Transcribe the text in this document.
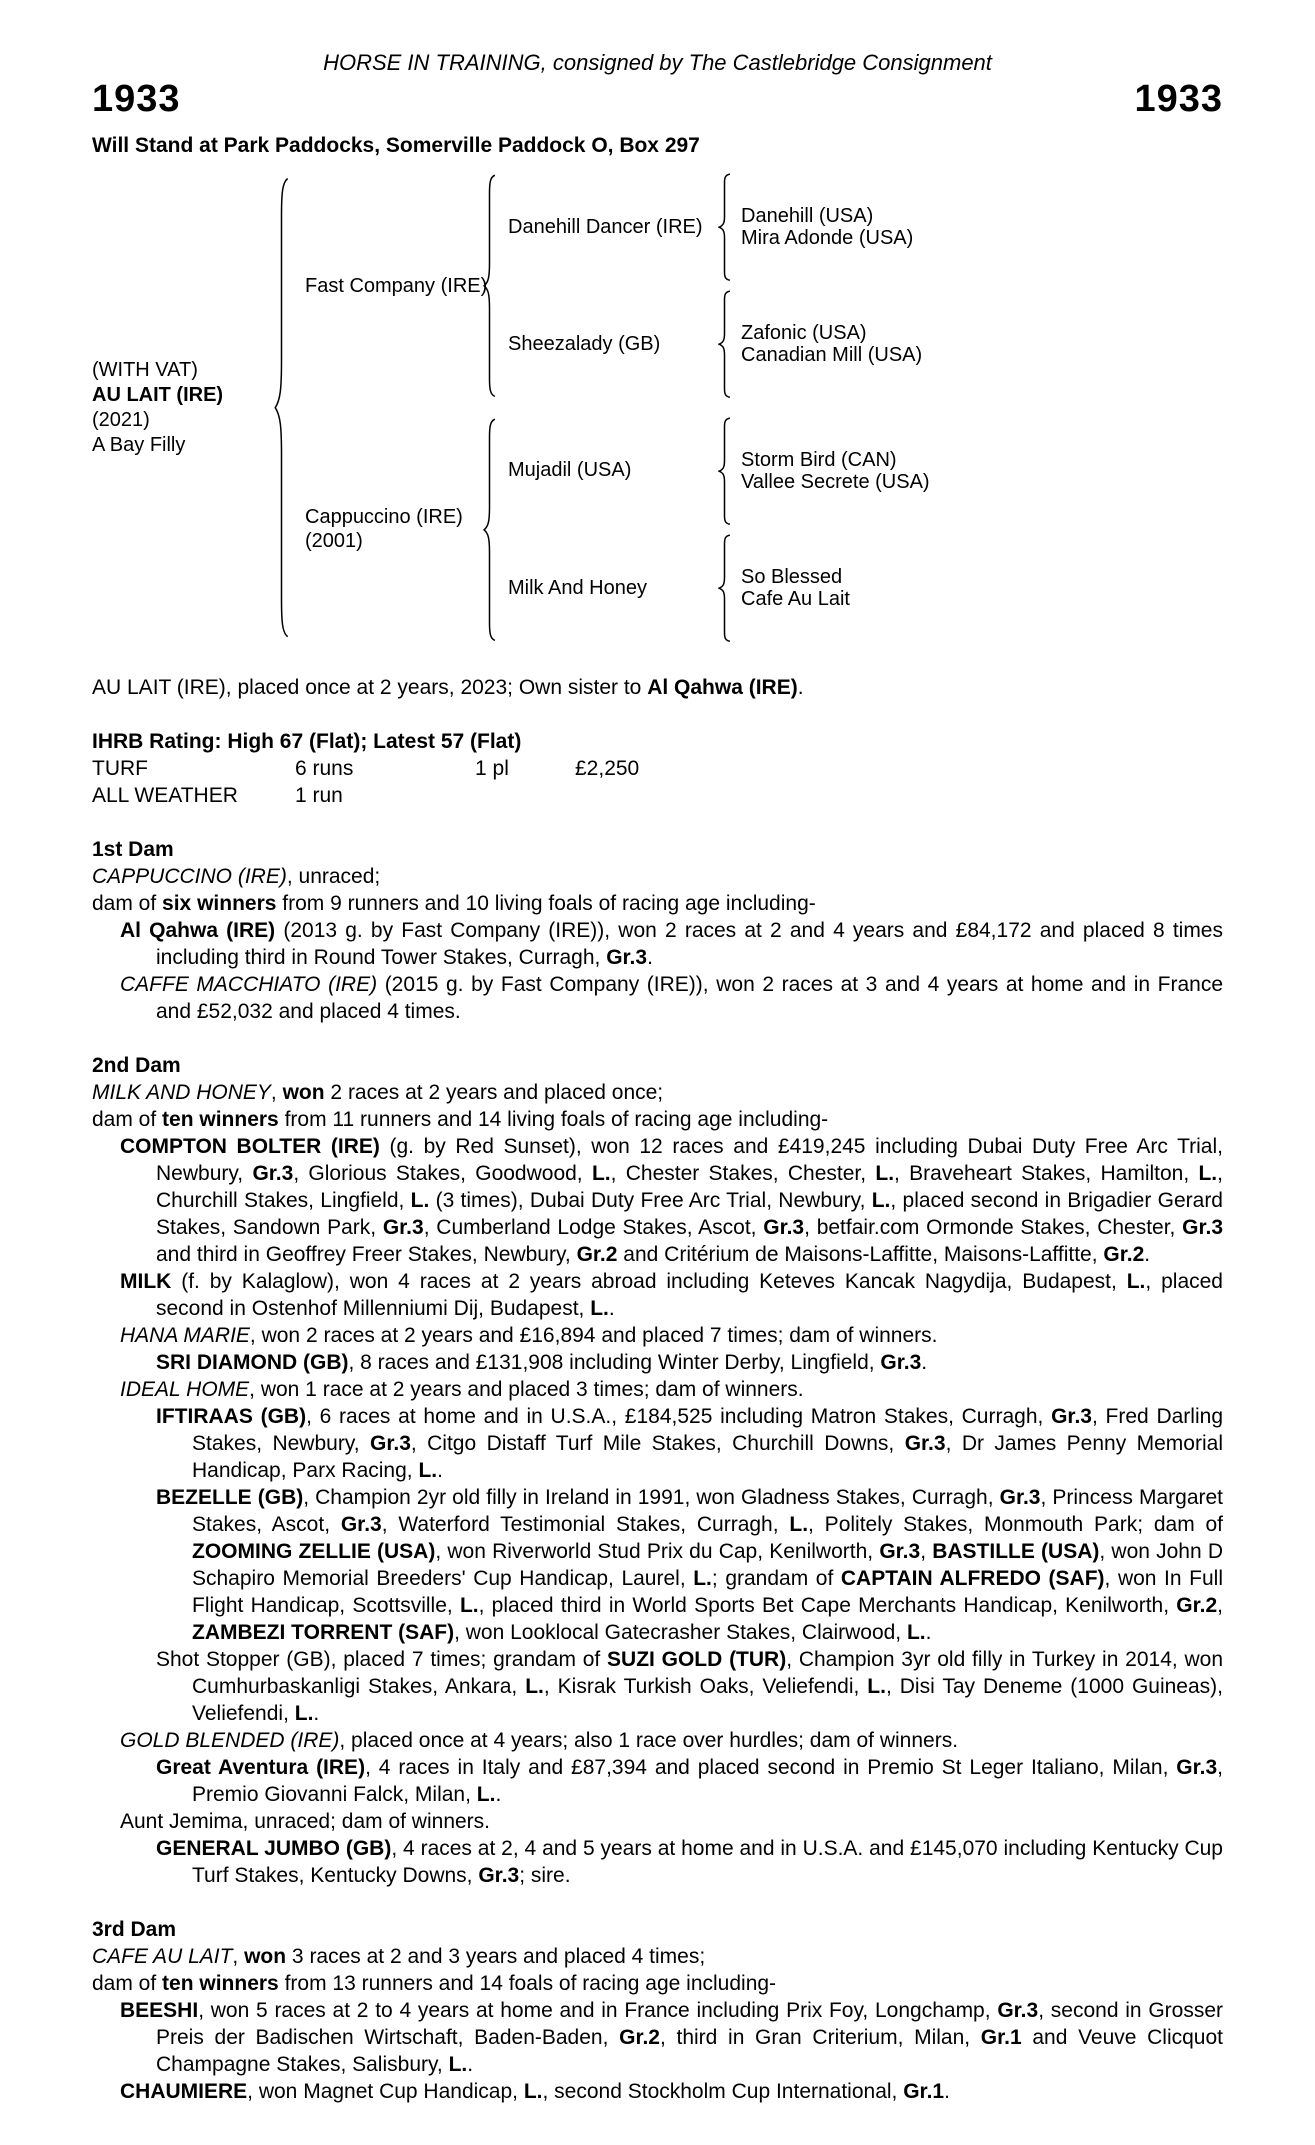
HORSE IN TRAINING, consigned by The Castlebridge Consignment
1933	1933
Will Stand at Park Paddocks, Somerville Paddock O, Box 297
(WITH VAT)
AU LAIT (IRE)
(2021)
A Bay Filly
Fast Company (IRE)
Danehill Dancer (IRE)	Danehill (USA)
Mira Adonde (USA)
Sheezalady (GB)	Zafonic (USA)
Canadian Mill (USA)
Cappuccino (IRE)
(2001)
Mujadil (USA)	Storm Bird (CAN)
Vallee Secrete (USA)
Milk And Honey	So Blessed
Cafe Au Lait

AU LAIT (IRE), placed once at 2 years, 2023; Own sister to Al Qahwa (IRE).

IHRB Rating: High 67 (Flat); Latest 57 (Flat)
TURF	6 runs	1 pl	£2,250
ALL WEATHER	1 run		
1st Dam

CAPPUCCINO (IRE), unraced;

dam of six winners from 9 runners and 10 living foals of racing age including-

Al Qahwa (IRE) (2013 g. by Fast Company (IRE)), won 2 races at 2 and 4 years and £84,172 and placed 8 times including third in Round Tower Stakes, Curragh, Gr.3.

CAFFE MACCHIATO (IRE) (2015 g. by Fast Company (IRE)), won 2 races at 3 and 4 years at home and in France and £52,032 and placed 4 times.

2nd Dam

MILK AND HONEY, won 2 races at 2 years and placed once;

dam of ten winners from 11 runners and 14 living foals of racing age including-

COMPTON BOLTER (IRE) (g. by Red Sunset), won 12 races and £419,245 including Dubai Duty Free Arc Trial, Newbury, Gr.3, Glorious Stakes, Goodwood, L., Chester Stakes, Chester, L., Braveheart Stakes, Hamilton, L., Churchill Stakes, Lingfield, L. (3 times), Dubai Duty Free Arc Trial, Newbury, L., placed second in Brigadier Gerard Stakes, Sandown Park, Gr.3, Cumberland Lodge Stakes, Ascot, Gr.3, betfair.com Ormonde Stakes, Chester, Gr.3 and third in Geoffrey Freer Stakes, Newbury, Gr.2 and Critérium de Maisons-Laffitte, Maisons-Laffitte, Gr.2.

MILK (f. by Kalaglow), won 4 races at 2 years abroad including Keteves Kancak Nagydija, Budapest, L., placed second in Ostenhof Millenniumi Dij, Budapest, L..

HANA MARIE, won 2 races at 2 years and £16,894 and placed 7 times; dam of winners.

SRI DIAMOND (GB), 8 races and £131,908 including Winter Derby, Lingfield, Gr.3.

IDEAL HOME, won 1 race at 2 years and placed 3 times; dam of winners.

IFTIRAAS (GB), 6 races at home and in U.S.A., £184,525 including Matron Stakes, Curragh, Gr.3, Fred Darling Stakes, Newbury, Gr.3, Citgo Distaff Turf Mile Stakes, Churchill Downs, Gr.3, Dr James Penny Memorial Handicap, Parx Racing, L..

BEZELLE (GB), Champion 2yr old filly in Ireland in 1991, won Gladness Stakes, Curragh, Gr.3, Princess Margaret Stakes, Ascot, Gr.3, Waterford Testimonial Stakes, Curragh, L., Politely Stakes, Monmouth Park; dam of ZOOMING ZELLIE (USA), won Riverworld Stud Prix du Cap, Kenilworth, Gr.3, BASTILLE (USA), won John D Schapiro Memorial Breeders' Cup Handicap, Laurel, L.; grandam of CAPTAIN ALFREDO (SAF), won In Full Flight Handicap, Scottsville, L., placed third in World Sports Bet Cape Merchants Handicap, Kenilworth, Gr.2, ZAMBEZI TORRENT (SAF), won Looklocal Gatecrasher Stakes, Clairwood, L..

Shot Stopper (GB), placed 7 times; grandam of SUZI GOLD (TUR), Champion 3yr old filly in Turkey in 2014, won Cumhurbaskanligi Stakes, Ankara, L., Kisrak Turkish Oaks, Veliefendi, L., Disi Tay Deneme (1000 Guineas), Veliefendi, L..

GOLD BLENDED (IRE), placed once at 4 years; also 1 race over hurdles; dam of winners.

Great Aventura (IRE), 4 races in Italy and £87,394 and placed second in Premio St Leger Italiano, Milan, Gr.3, Premio Giovanni Falck, Milan, L..

Aunt Jemima, unraced; dam of winners.

GENERAL JUMBO (GB), 4 races at 2, 4 and 5 years at home and in U.S.A. and £145,070 including Kentucky Cup Turf Stakes, Kentucky Downs, Gr.3; sire.

3rd Dam

CAFE AU LAIT, won 3 races at 2 and 3 years and placed 4 times;

dam of ten winners from 13 runners and 14 foals of racing age including-

BEESHI, won 5 races at 2 to 4 years at home and in France including Prix Foy, Longchamp, Gr.3, second in Grosser Preis der Badischen Wirtschaft, Baden-Baden, Gr.2, third in Gran Criterium, Milan, Gr.1 and Veuve Clicquot Champagne Stakes, Salisbury, L..

CHAUMIERE, won Magnet Cup Handicap, L., second Stockholm Cup International, Gr.1.
